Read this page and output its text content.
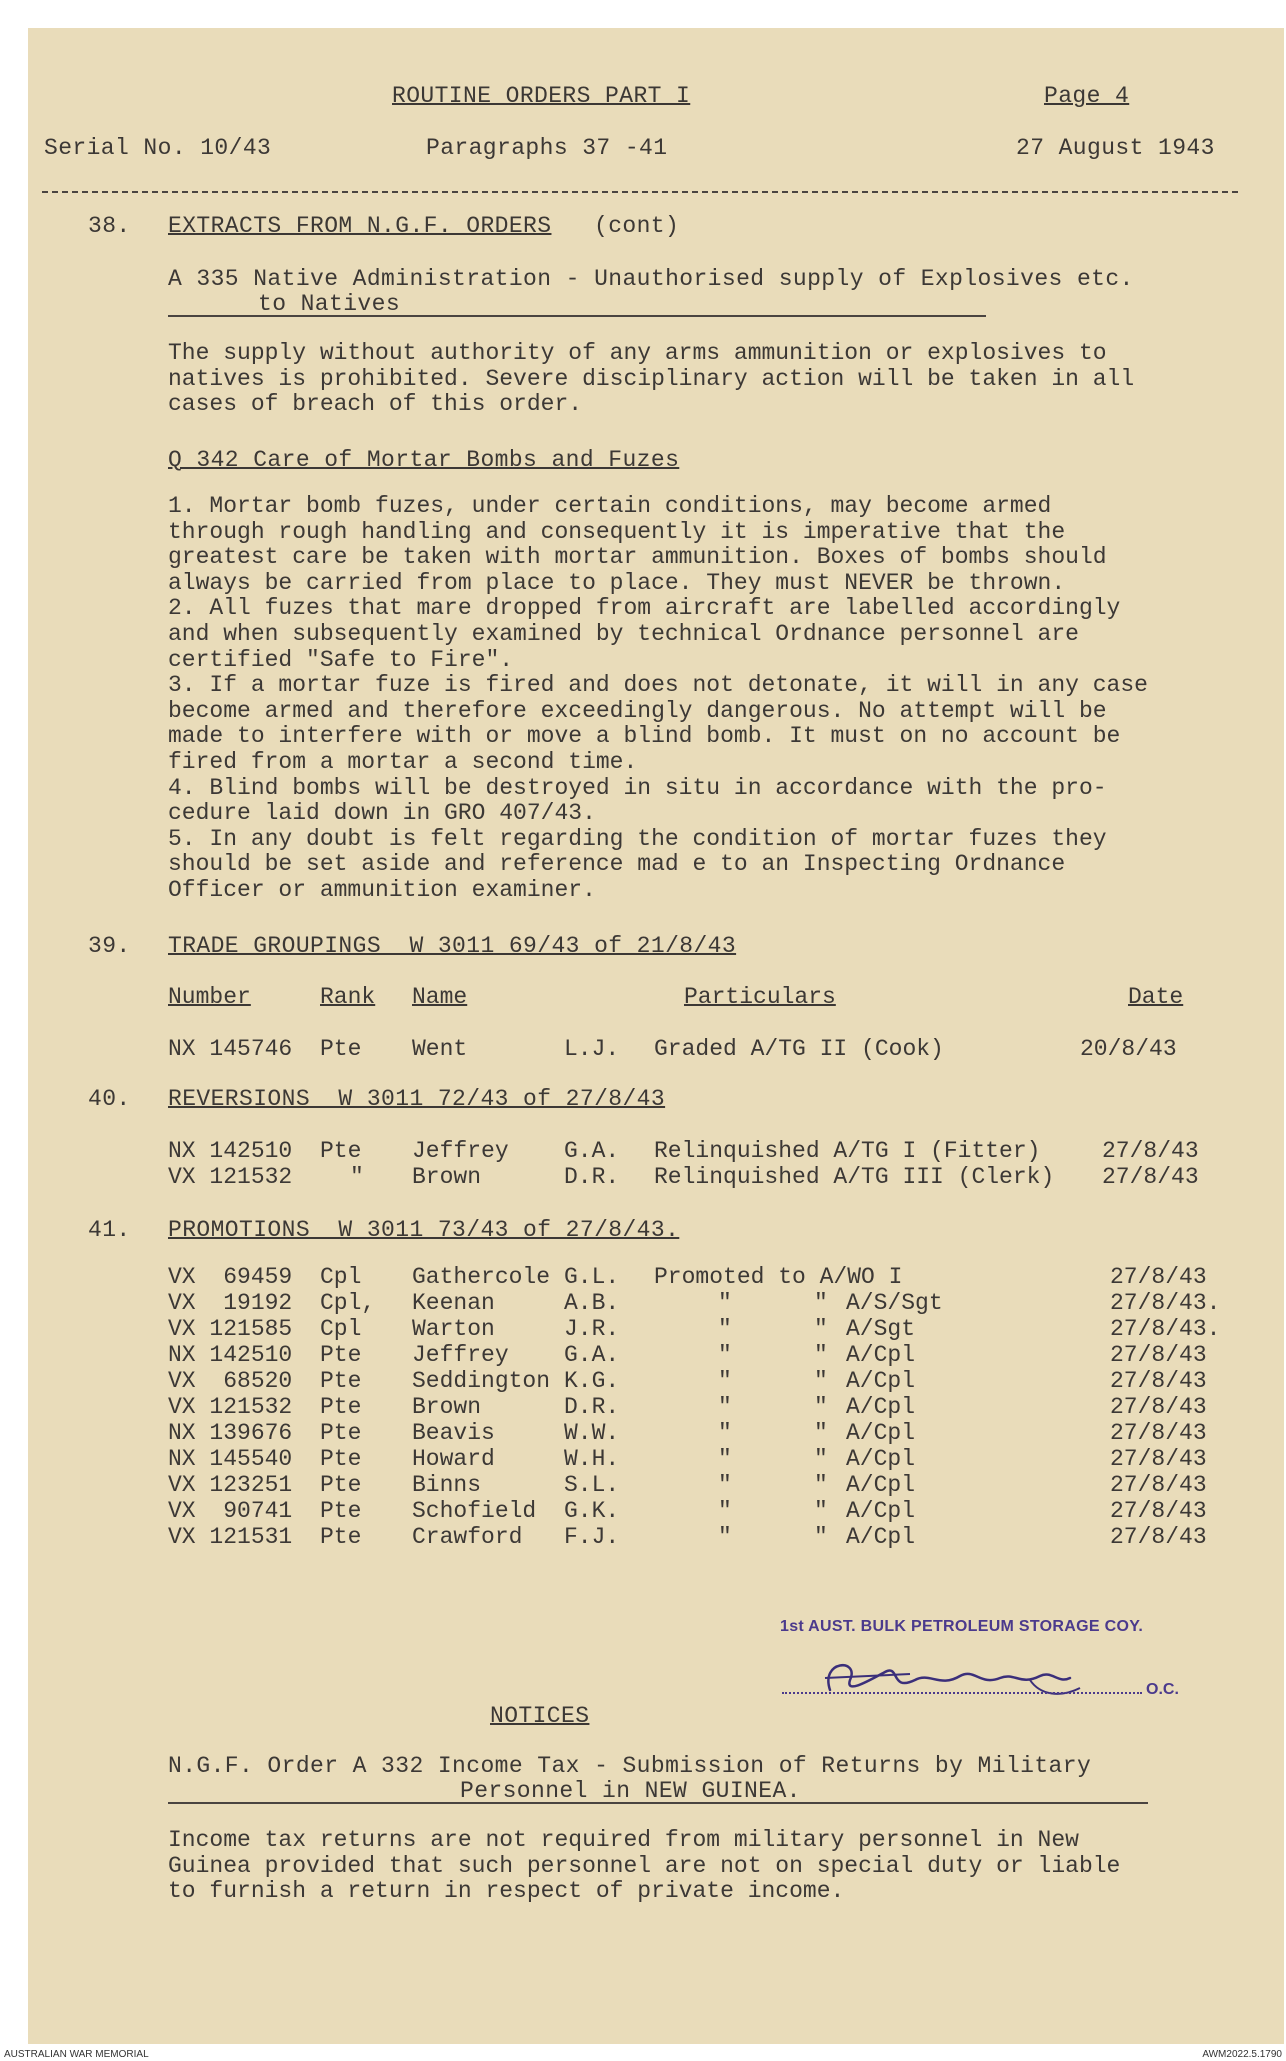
ROUTINE ORDERS PART I	Page 4
Serial No. 10/43	Paragraphs 37 -41	27 August 1943
38. EXTRACTS FROM N.G.F. ORDERS (cont)
A 335 Native Administration - Unauthorised supply of Explosives etc.
to Natives
The supply without authority of any arms ammunition or explosives to
natives is prohibited. Severe disciplinary action will be taken in all
cases of breach of this order.
Q 342 Care of Mortar Bombs and Fuzes
1. Mortar bomb fuzes, under certain conditions, may become armed
through rough handling and consequently it is imperative that the
greatest care be taken with mortar ammunition. Boxes of bombs should
always be carried from place to place. They must NEVER be thrown.
2. All fuzes that mare dropped from aircraft are labelled accordingly
and when subsequently examined by technical Ordnance personnel are
certified "Safe to Fire".
3. If a mortar fuze is fired and does not detonate, it will in any case
become armed and therefore exceedingly dangerous. No attempt will be
made to interfere with or move a blind bomb. It must on no account be
fired from a mortar a second time.
4. Blind bombs will be destroyed in situ in accordance with the pro-
cedure laid down in GRO 407/43.
5. In any doubt is felt regarding the condition of mortar fuzes they
should be set aside and reference mad e to an Inspecting Ordnance
Officer or ammunition examiner.
39. TRADE GROUPINGS  W 3011 69/43 of 21/8/43
Number	Rank Name	Particulars	Date
NX 145746 Pte Went	L.J. Graded A/TG II (Cook)	20/8/43
40. REVERSIONS  W 3011 72/43 of 27/8/43
NX 142510 Pte Jeffrey G.A. Relinquished A/TG I (Fitter)	27/8/43
VX 121532	" Brown	D.R. Relinquished A/TG III (Clerk) 27/8/43
41. PROMOTIONS  W 3011 73/43 of 27/8/43.
VX  69459 Cpl Gathercole G.L. Promoted to A/WO I	27/8/43
VX  19192 Cpl, Keenan	A.B.	"	" A/S/Sgt	27/8/43.
VX 121585 Cpl Warton	J.R.	"	" A/Sgt	27/8/43.
NX 142510 Pte Jeffrey G.A.	"	" A/Cpl	27/8/43
VX  68520 Pte Seddington K.G.	"	" A/Cpl	27/8/43
VX 121532 Pte Brown	D.R.	"	" A/Cpl	27/8/43
NX 139676 Pte Beavis	W.W.	"	" A/Cpl	27/8/43
NX 145540 Pte Howard	W.H.	"	" A/Cpl	27/8/43
VX 123251 Pte Binns	S.L.	"	" A/Cpl	27/8/43
VX  90741 Pte Schofield G.K.	"	" A/Cpl	27/8/43
VX 121531 Pte Crawford F.J.	"	" A/Cpl	27/8/43
1st AUST. BULK PETROLEUM STORAGE COY.
O.C.
NOTICES
N.G.F. Order A 332 Income Tax - Submission of Returns by Military
Personnel in NEW GUINEA.
Income tax returns are not required from military personnel in New
Guinea provided that such personnel are not on special duty or liable
to furnish a return in respect of private income.
AUSTRALIAN WAR MEMORIAL	AWM2022.5.1790
